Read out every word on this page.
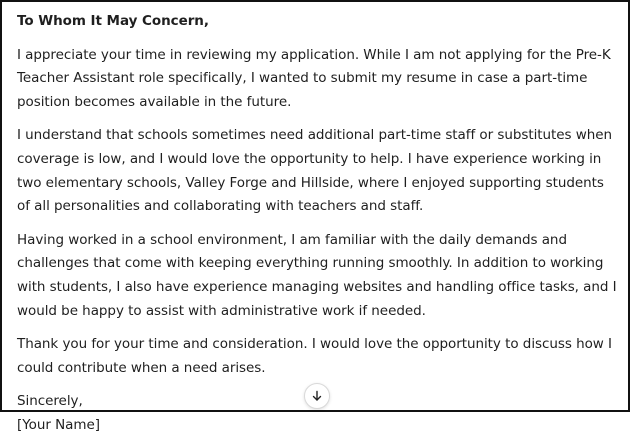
To Whom It May Concern,

I appreciate your time in reviewing my application. While I am not applying for the Pre-K Teacher Assistant role specifically, I wanted to submit my resume in case a part-time position becomes available in the future.

I understand that schools sometimes need additional part-time staff or substitutes when coverage is low, and I would love the opportunity to help. I have experience working in two elementary schools, Valley Forge and Hillside, where I enjoyed supporting students of all personalities and collaborating with teachers and staff.

Having worked in a school environment, I am familiar with the daily demands and challenges that come with keeping everything running smoothly. In addition to working with students, I also have experience managing websites and handling office tasks, and I would be happy to assist with administrative work if needed.

Thank you for your time and consideration. I would love the opportunity to discuss how I could contribute when a need arises.

Sincerely,
[Your Name]
